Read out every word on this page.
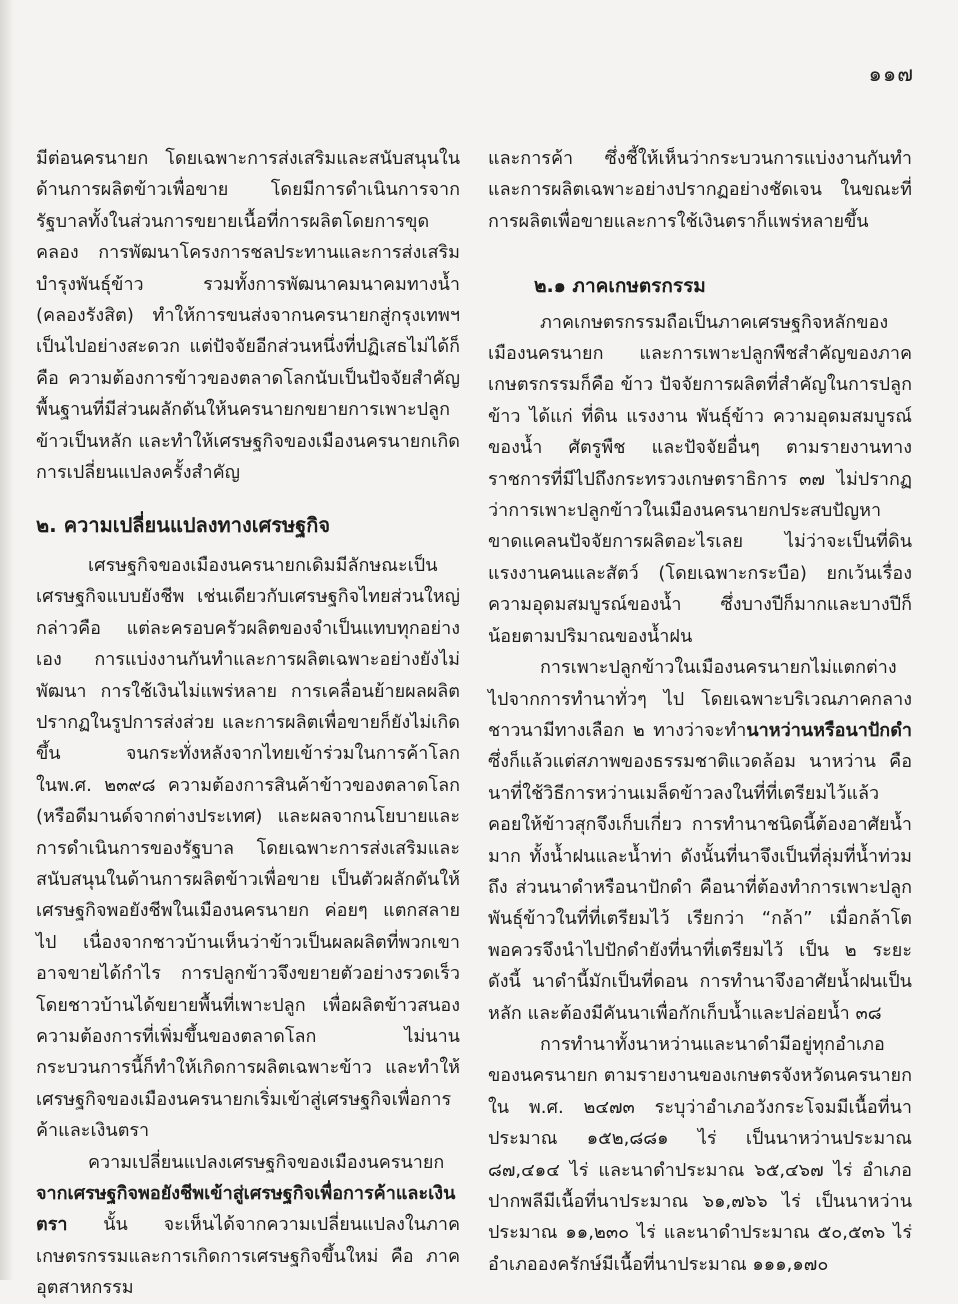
๑๑๗

มีต่อนครนายก โดยเฉพาะการส่งเสริมและสนับสนุนในด้านการผลิตข้าวเพื่อขาย โดยมีการดำเนินการจากรัฐบาลทั้งในส่วนการขยายเนื้อที่การผลิตโดยการขุดคลอง การพัฒนาโครงการชลประทานและการส่งเสริมบำรุงพันธุ์ข้าว รวมทั้งการพัฒนาคมนาคมทางน้ำ (คลองรังสิต) ทำให้การขนส่งจากนครนายกสู่กรุงเทพฯ เป็นไปอย่างสะดวก แต่ปัจจัยอีกส่วนหนึ่งที่ปฏิเสธไม่ได้ก็คือ ความต้องการข้าวของตลาดโลกนับเป็นปัจจัยสำคัญพื้นฐานที่มีส่วนผลักดันให้นครนายกขยายการเพาะปลูกข้าวเป็นหลัก และทำให้เศรษฐกิจของเมืองนครนายกเกิดการเปลี่ยนแปลงครั้งสำคัญ

๒. ความเปลี่ยนแปลงทางเศรษฐกิจ

เศรษฐกิจของเมืองนครนายกเดิมมีลักษณะเป็นเศรษฐกิจแบบยังชีพ เช่นเดียวกับเศรษฐกิจไทยส่วนใหญ่ กล่าวคือ แต่ละครอบครัวผลิตของจำเป็นแทบทุกอย่างเอง การแบ่งงานกันทำและการผลิตเฉพาะอย่างยังไม่พัฒนา การใช้เงินไม่แพร่หลาย การเคลื่อนย้ายผลผลิตปรากฏในรูปการส่งส่วย และการผลิตเพื่อขายก็ยังไม่เกิดขึ้น จนกระทั่งหลังจากไทยเข้าร่วมในการค้าโลก ในพ.ศ. ๒๓๙๘ ความต้องการสินค้าข้าวของตลาดโลก (หรือดีมานด์จากต่างประเทศ) และผลจากนโยบายและการดำเนินการของรัฐบาล โดยเฉพาะการส่งเสริมและสนับสนุนในด้านการผลิตข้าวเพื่อขาย เป็นตัวผลักดันให้เศรษฐกิจพอยังชีพในเมืองนครนายก ค่อยๆ แตกสลายไป เนื่องจากชาวบ้านเห็นว่าข้าวเป็นผลผลิตที่พวกเขาอาจขายได้กำไร การปลูกข้าวจึงขยายตัวอย่างรวดเร็ว โดยชาวบ้านได้ขยายพื้นที่เพาะปลูก เพื่อผลิตข้าวสนองความต้องการที่เพิ่มขึ้นของตลาดโลก ไม่นานกระบวนการนี้ก็ทำให้เกิดการผลิตเฉพาะข้าว และทำให้เศรษฐกิจของเมืองนครนายกเริ่มเข้าสู่เศรษฐกิจเพื่อการค้าและเงินตรา

ความเปลี่ยนแปลงเศรษฐกิจของเมืองนครนายก จากเศรษฐกิจพอยังชีพเข้าสู่เศรษฐกิจเพื่อการค้าและเงินตรา นั้น จะเห็นได้จากความเปลี่ยนแปลงในภาคเกษตรกรรมและการเกิดการเศรษฐกิจขึ้นใหม่ คือ ภาคอุตสาหกรรม

และการค้า ซึ่งชี้ให้เห็นว่ากระบวนการแบ่งงานกันทำและการผลิตเฉพาะอย่างปรากฏอย่างชัดเจน ในขณะที่การผลิตเพื่อขายและการใช้เงินตราก็แพร่หลายขึ้น

๒.๑ ภาคเกษตรกรรม

ภาคเกษตรกรรมถือเป็นภาคเศรษฐกิจหลักของเมืองนครนายก และการเพาะปลูกพืชสำคัญของภาคเกษตรกรรมก็คือ ข้าว ปัจจัยการผลิตที่สำคัญในการปลูกข้าว ได้แก่ ที่ดิน แรงงาน พันธุ์ข้าว ความอุดมสมบูรณ์ของน้ำ ศัตรูพืช และปัจจัยอื่นๆ ตามรายงานทางราชการที่มีไปถึงกระทรวงเกษตราธิการ ๓๗ ไม่ปรากฏว่าการเพาะปลูกข้าวในเมืองนครนายกประสบปัญหาขาดแคลนปัจจัยการผลิตอะไรเลย ไม่ว่าจะเป็นที่ดิน แรงงานคนและสัตว์ (โดยเฉพาะกระบือ) ยกเว้นเรื่องความอุดมสมบูรณ์ของน้ำ ซึ่งบางปีก็มากและบางปีก็น้อยตามปริมาณของน้ำฝน

การเพาะปลูกข้าวในเมืองนครนายกไม่แตกต่างไปจากการทำนาทั่วๆ ไป โดยเฉพาะบริเวณภาคกลาง ชาวนามีทางเลือก ๒ ทางว่าจะทำนาหว่านหรือนาปักดำ ซึ่งก็แล้วแต่สภาพของธรรมชาติแวดล้อม นาหว่าน คือนาที่ใช้วิธีการหว่านเมล็ดข้าวลงในที่ที่เตรียมไว้แล้ว คอยให้ข้าวสุกจึงเก็บเกี่ยว การทำนาชนิดนี้ต้องอาศัยน้ำมาก ทั้งน้ำฝนและน้ำท่า ดังนั้นที่นาจึงเป็นที่ลุ่มที่น้ำท่วมถึง ส่วนนาดำหรือนาปักดำ คือนาที่ต้องทำการเพาะปลูกพันธุ์ข้าวในที่ที่เตรียมไว้ เรียกว่า “กล้า” เมื่อกล้าโตพอควรจึงนำไปปักดำยังที่นาที่เตรียมไว้ เป็น ๒ ระยะดังนี้ นาดำนี้มักเป็นที่ดอน การทำนาจึงอาศัยน้ำฝนเป็นหลัก และต้องมีคันนาเพื่อกักเก็บน้ำและปล่อยน้ำ ๓๘

การทำนาทั้งนาหว่านและนาดำมีอยู่ทุกอำเภอของนครนายก ตามรายงานของเกษตรจังหวัดนครนายกใน พ.ศ. ๒๔๗๓ ระบุว่าอำเภอวังกระโจมมีเนื้อที่นาประมาณ ๑๕๒,๘๘๑ ไร่ เป็นนาหว่านประมาณ ๘๗,๔๑๔ ไร่ และนาดำประมาณ ๖๕,๔๖๗ ไร่ อำเภอปากพลีมีเนื้อที่นาประมาณ ๖๑,๗๖๖ ไร่ เป็นนาหว่านประมาณ ๑๑,๒๓๐ ไร่ และนาดำประมาณ ๕๐,๕๓๖ ไร่ อำเภอองครักษ์มีเนื้อที่นาประมาณ ๑๑๑,๑๗๐
